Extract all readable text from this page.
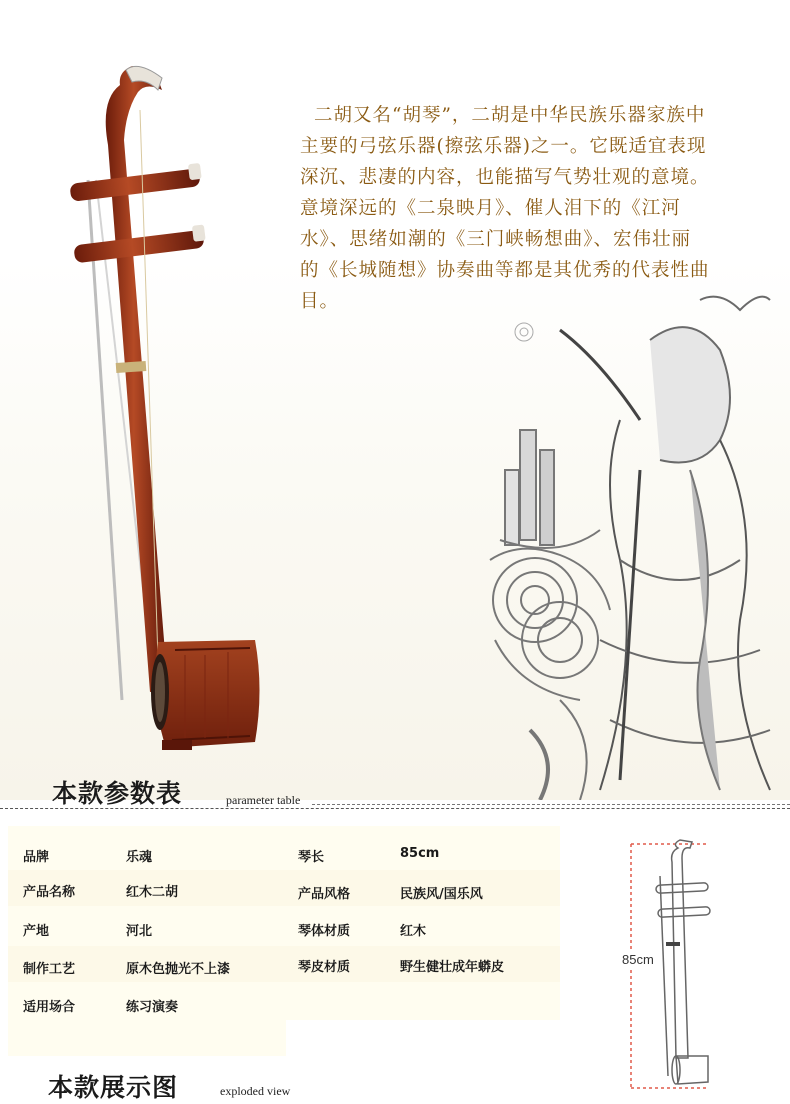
二胡又名“胡琴”，二胡是中华民族乐器家族中主要的弓弦乐器(擦弦乐器)之一。它既适宜表现深沉、悲凄的内容，也能描写气势壮观的意境。意境深远的《二泉映月》、催人泪下的《江河水》、思绪如潮的《三门峡畅想曲》、宏伟壮丽的《长城随想》协奏曲等都是其优秀的代表性曲目。

本款参数表	parameter table
品牌	乐魂	琴长	85cm
产品名称	红木二胡	产品风格	民族风/国乐风
产地	河北	琴体材质	红木
制作工艺	原木色抛光不上漆	琴皮材质	野生健壮成年蟒皮
适用场合	练习演奏
85cm
本款展示图	exploded view
